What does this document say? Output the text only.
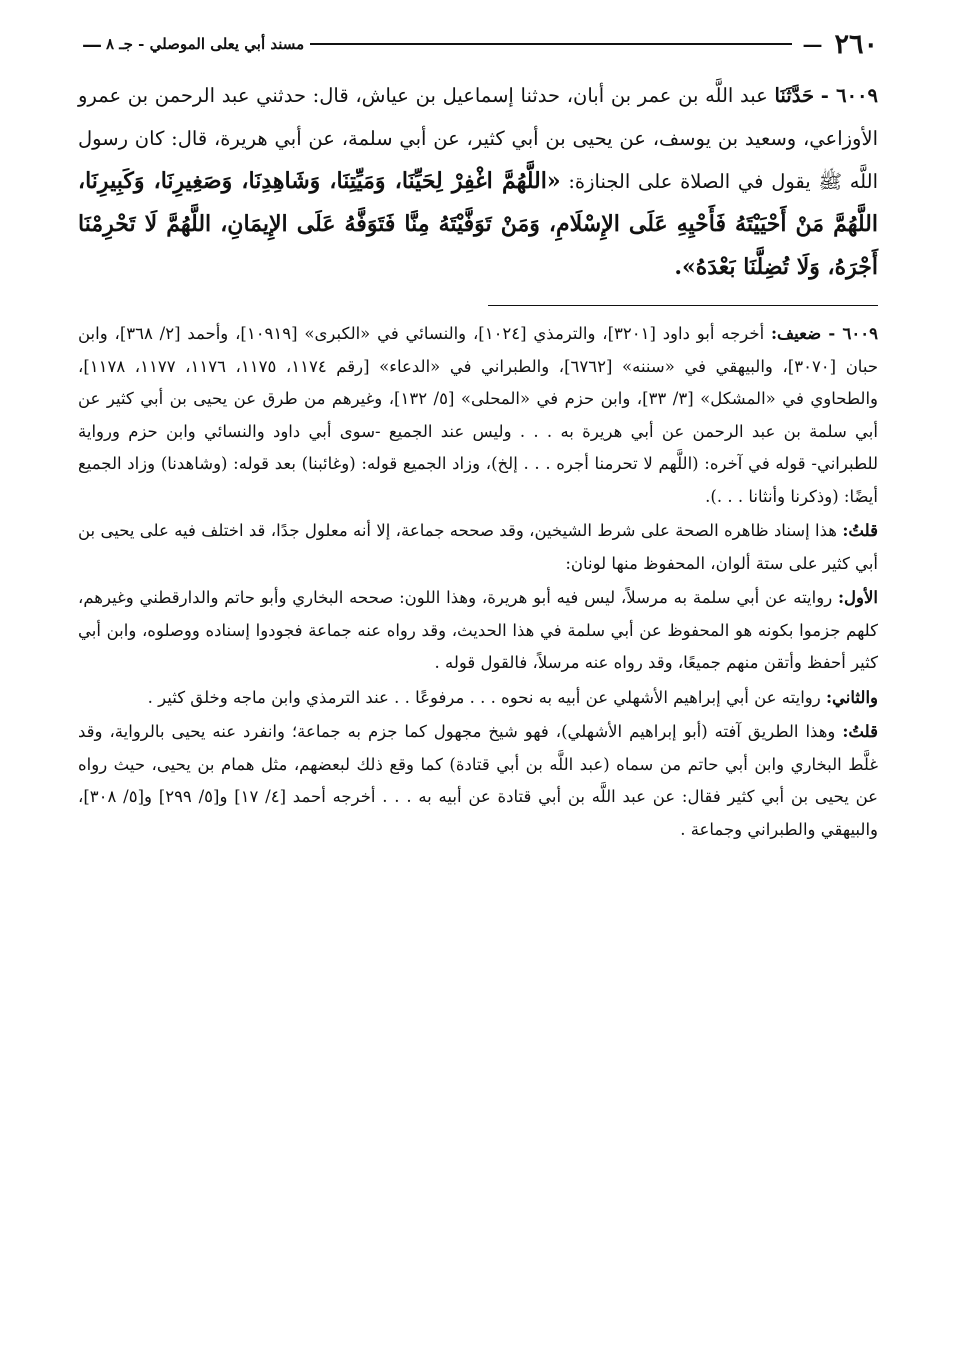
٢٦٠
—
مسند أبي يعلى الموصلي - جـ ٨
—
٦٠٠٩ - حَدَّثَنَا عبد اللَّه بن عمر بن أبان، حدثنا إسماعيل بن عياش، قال: حدثني عبد الرحمن بن عمرو الأوزاعي، وسعيد بن يوسف، عن يحيى بن أبي كثير، عن أبي سلمة، عن أبي هريرة، قال: كان رسول اللَّه ﷺ يقول في الصلاة على الجنازة: «اللَّهُمَّ اغْفِرْ لِحَيِّنَا، وَمَيِّتِنَا، وَشَاهِدِنَا، وَصَغِيرِنَا، وَكَبِيرِنَا، اللَّهُمَّ مَنْ أَحْيَيْتَهُ فَأَحْيِهِ عَلَى الإِسْلَامِ، وَمَنْ تَوَفَّيْتَهُ مِنَّا فَتَوَفَّهُ عَلَى الإِيمَانِ، اللَّهُمَّ لَا تَحْرِمْنَا أَجْرَهُ، وَلَا تُضِلَّنَا بَعْدَهُ».

٦٠٠٩ - ضعيف: أخرجه أبو داود [٣٢٠١]، والترمذي [١٠٢٤]، والنسائي في «الكبرى» [١٠٩١٩]، وأحمد [٢/ ٣٦٨]، وابن حبان [٣٠٧٠]، والبيهقي في «سننه» [٦٧٦٢]، والطبراني في «الدعاء» [رقم ١١٧٤، ١١٧٥، ١١٧٦، ١١٧٧، ١١٧٨]، والطحاوي في «المشكل» [٣/ ٣٣]، وابن حزم في «المحلى» [٥/ ١٣٢]، وغيرهم من طرق عن يحيى بن أبي كثير عن أبي سلمة بن عبد الرحمن عن أبي هريرة به . . . وليس عند الجميع -سوى أبي داود والنسائي وابن حزم ورواية للطبراني- قوله في آخره: (اللَّهم لا تحرمنا أجره . . . إلخ)، وزاد الجميع قوله: (وغائبنا) بعد قوله: (وشاهدنا) وزاد الجميع أيضًا: (وذكرنا وأنثانا . . .).

قلتُ: هذا إسناد ظاهره الصحة على شرط الشيخين، وقد صححه جماعة، إلا أنه معلول جدًا، قد اختلف فيه على يحيى بن أبي كثير على ستة ألوان، المحفوظ منها لونان:

الأول: روايته عن أبي سلمة به مرسلاً، ليس فيه أبو هريرة، وهذا اللون: صححه البخاري وأبو حاتم والدارقطني وغيرهم، كلهم جزموا بكونه هو المحفوظ عن أبي سلمة في هذا الحديث، وقد رواه عنه جماعة فجودوا إسناده ووصلوه، وابن أبي كثير أحفظ وأتقن منهم جميعًا، وقد رواه عنه مرسلاً، فالقول قوله .

والثاني: روايته عن أبي إبراهيم الأشهلي عن أبيه به نحوه . . . مرفوعًا . . عند الترمذي وابن ماجه وخلق كثير .

قلتُ: وهذا الطريق آفته (أبو إبراهيم الأشهلي)، فهو شيخ مجهول كما جزم به جماعة؛ وانفرد عنه يحيى بالرواية، وقد غلَّط البخاري وابن أبي حاتم من سماه (عبد اللَّه بن أبي قتادة) كما وقع ذلك لبعضهم، مثل همام بن يحيى، حيث رواه عن يحيى بن أبي كثير فقال: عن عبد اللَّه بن أبي قتادة عن أبيه به . . . أخرجه أحمد [٤/ ١٧] و[٥/ ٢٩٩] و[٥/ ٣٠٨]، والبيهقي والطبراني وجماعة .
